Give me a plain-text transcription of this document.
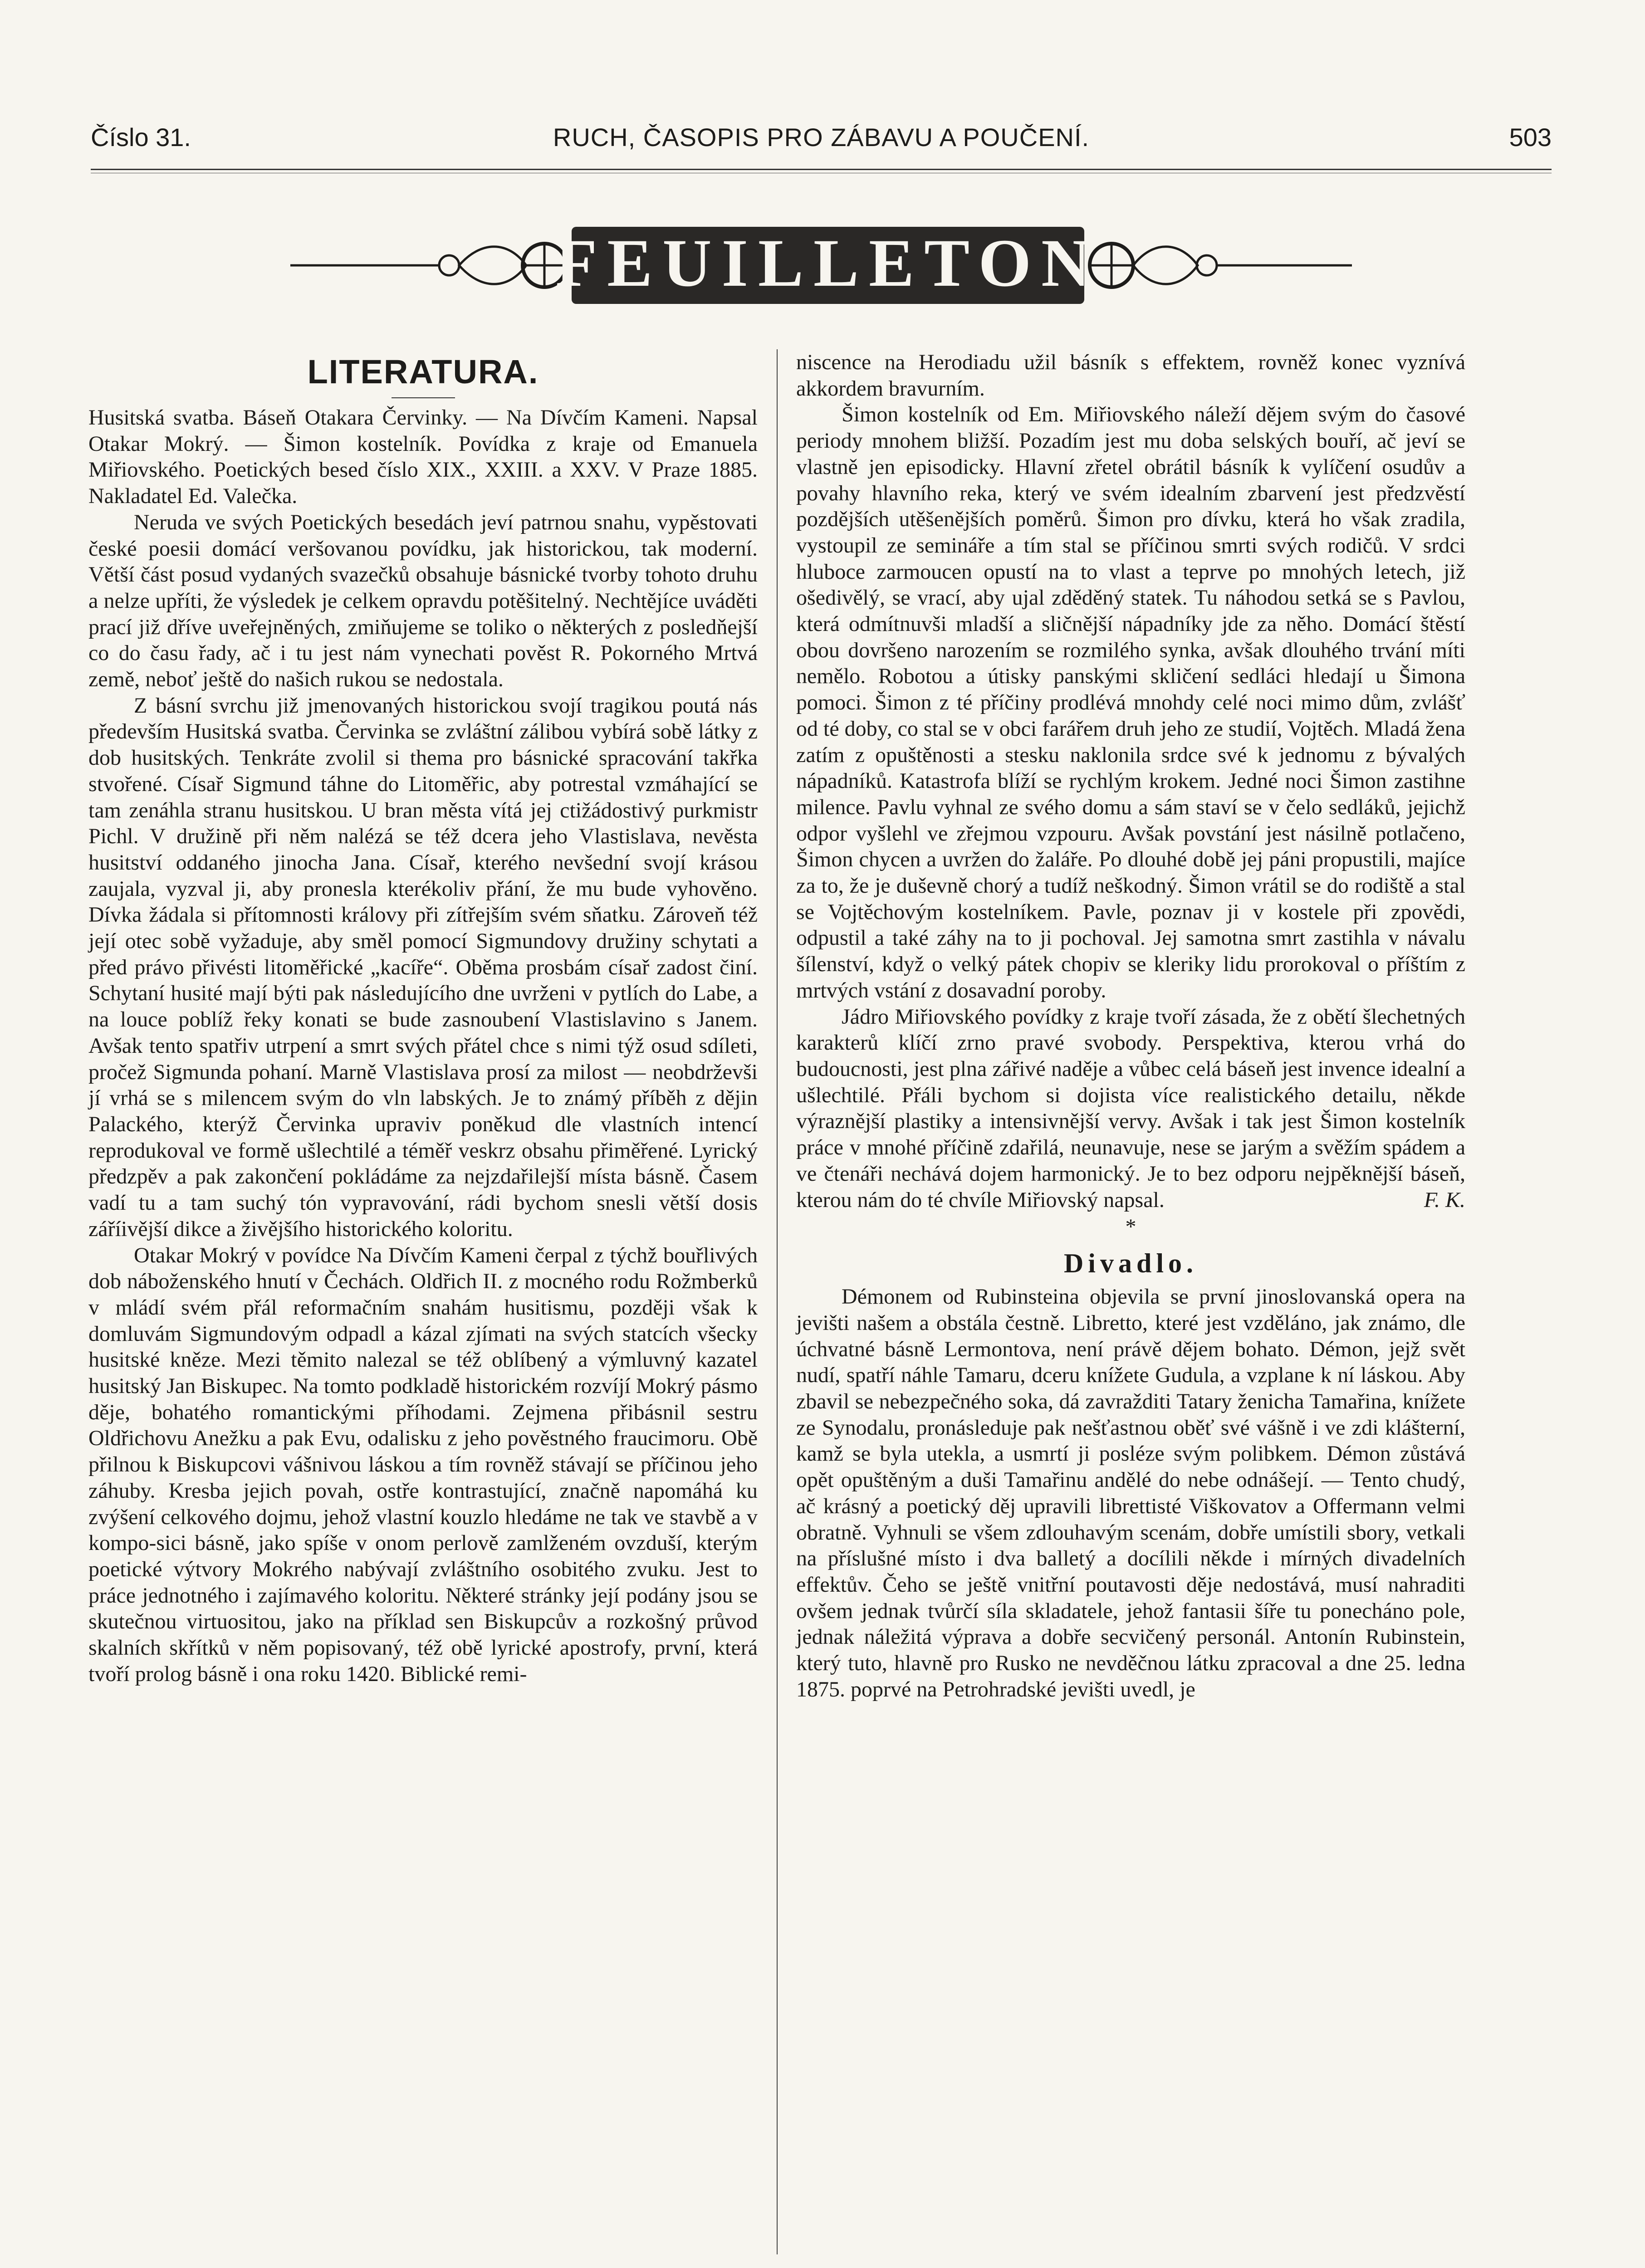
Číslo 31.	RUCH, ČASOPIS PRO ZÁBAVU A POUČENÍ.	503
FEUILLETON
LITERATURA.

Husitská svatba. Báseň Otakara Červinky. — Na Dívčím Kameni. Napsal Otakar Mokrý. — Šimon kostelník. Povídka z kraje od Emanuela Miřiovského. Poetických besed číslo XIX., XXIII. a XXV. V Praze 1885. Nakladatel Ed. Valečka.

Neruda ve svých Poetických besedách jeví patrnou snahu, vypěstovati české poesii domácí veršovanou povídku, jak historickou, tak moderní. Větší část posud vydaných svazečků obsahuje básnické tvorby tohoto druhu a nelze upříti, že výsledek je celkem opravdu potěšitelný. Nechtějíce uváděti prací již dříve uveřejněných, zmiňujeme se toliko o některých z posledňejší co do času řady, ač i tu jest nám vynechati pověst R. Pokorného Mrtvá země, neboť ještě do našich rukou se nedostala.

Z básní svrchu již jmenovaných historickou svojí tragikou poutá nás především Husitská svatba. Červinka se zvláštní zálibou vybírá sobě látky z dob husitských. Tenkráte zvolil si thema pro básnické spracování takřka stvořené. Císař Sigmund táhne do Litoměřic, aby potrestal vzmáhající se tam zenáhla stranu husitskou. U bran města vítá jej ctižádostivý purkmistr Pichl. V družině při něm nalézá se též dcera jeho Vlastislava, nevěsta husitství oddaného jinocha Jana. Císař, kterého nevšední svojí krásou zaujala, vyzval ji, aby pronesla kterékoliv přání, že mu bude vyhověno. Dívka žádala si přítomnosti královy při zítřejším svém sňatku. Zároveň též její otec sobě vyžaduje, aby směl pomocí Sigmundovy družiny schytati a před právo přivésti litoměřické „kacíře“. Oběma prosbám císař zadost činí. Schytaní husité mají býti pak následujícího dne uvrženi v pytlích do Labe, a na louce poblíž řeky konati se bude zasnoubení Vlastislavino s Janem. Avšak tento spatřiv utrpení a smrt svých přátel chce s nimi týž osud sdíleti, pročež Sigmunda pohaní. Marně Vlastislava prosí za milost — neobdrževši jí vrhá se s milencem svým do vln labských. Je to známý příběh z dějin Palackého, kterýž Červinka upraviv poněkud dle vlastních intencí reprodukoval ve formě ušlechtilé a téměř veskrz obsahu přiměřené. Lyrický předzpěv a pak zakončení pokládáme za nejzdařilejší místa básně. Časem vadí tu a tam suchý tón vypravování, rádi bychom snesli větší dosis záříivější dikce a živějšího historického koloritu.

Otakar Mokrý v povídce Na Dívčím Kameni čerpal z týchž bouřlivých dob náboženského hnutí v Čechách. Oldřich II. z mocného rodu Rožmberků v mládí svém přál reformačním snahám husitismu, později však k domluvám Sigmundovým odpadl a kázal zjímati na svých statcích všecky husitské kněze. Mezi těmito nalezal se též oblíbený a výmluvný kazatel husitský Jan Biskupec. Na tomto podkladě historickém rozvíjí Mokrý pásmo děje, bohatého romantickými příhodami. Zejmena přibásnil sestru Oldřichovu Anežku a pak Evu, odalisku z jeho pověstného fraucimoru. Obě přilnou k Biskupcovi vášnivou láskou a tím rovněž stávají se příčinou jeho záhuby. Kresba jejich povah, ostře kontrastující, značně napomáhá ku zvýšení celkového dojmu, jehož vlastní kouzlo hledáme ne tak ve stavbě a v kompo-sici básně, jako spíše v onom perlově zamlženém ovzduší, kterým poetické výtvory Mokrého nabývají zvláštního osobitého zvuku. Jest to práce jednotného i zajímavého koloritu. Některé stránky její podány jsou se skutečnou virtuositou, jako na příklad sen Biskupcův a rozkošný průvod skalních skřítků v něm popisovaný, též obě lyrické apostrofy, první, která tvoří prolog básně i ona roku 1420. Biblické remi-

niscence na Herodiadu užil básník s effektem, rovněž konec vyznívá akkordem bravurním.

Šimon kostelník od Em. Miřiovského náleží dějem svým do časové periody mnohem bližší. Pozadím jest mu doba selských bouří, ač jeví se vlastně jen episodicky. Hlavní zřetel obrátil básník k vylíčení osudův a povahy hlavního reka, který ve svém idealním zbarvení jest předzvěstí pozdějších utěšenějších poměrů. Šimon pro dívku, která ho však zradila, vystoupil ze semináře a tím stal se příčinou smrti svých rodičů. V srdci hluboce zarmoucen opustí na to vlast a teprve po mnohých letech, již ošedivělý, se vrací, aby ujal zděděný statek. Tu náhodou setká se s Pavlou, která odmítnuvši mladší a sličnější nápadníky jde za něho. Domácí štěstí obou dovršeno narozením se rozmilého synka, avšak dlouhého trvání míti nemělo. Robotou a útisky panskými skličení sedláci hledají u Šimona pomoci. Šimon z té příčiny prodlévá mnohdy celé noci mimo dům, zvlášť od té doby, co stal se v obci farářem druh jeho ze studií, Vojtěch. Mladá žena zatím z opuštěnosti a stesku naklonila srdce své k jednomu z bývalých nápadníků. Katastrofa blíží se rychlým krokem. Jedné noci Šimon zastihne milence. Pavlu vyhnal ze svého domu a sám staví se v čelo sedláků, jejichž odpor vyšlehl ve zřejmou vzpouru. Avšak povstání jest násilně potlačeno, Šimon chycen a uvržen do žaláře. Po dlouhé době jej páni propustili, majíce za to, že je duševně chorý a tudíž neškodný. Šimon vrátil se do rodiště a stal se Vojtěchovým kostelníkem. Pavle, poznav ji v kostele při zpovědi, odpustil a také záhy na to ji pochoval. Jej samotna smrt zastihla v návalu šílenství, když o velký pátek chopiv se kleriky lidu prorokoval o příštím z mrtvých vstání z dosavadní poroby.

Jádro Miřiovského povídky z kraje tvoří zásada, že z obětí šlechetných karakterů klíčí zrno pravé svobody. Perspektiva, kterou vrhá do budoucnosti, jest plna zářivé naděje a vůbec celá báseň jest invence idealní a ušlechtilé. Přáli bychom si dojista více realistického detailu, někde výraznější plastiky a intensivnější vervy. Avšak i tak jest Šimon kostelník práce v mnohé příčině zdařilá, neunavuje, nese se jarým a svěžím spádem a ve čtenáři nechává dojem harmonický. Je to bez odporu nejpěknější báseň, kterou nám do té chvíle Miřiovský napsal.	F. K.

*

Divadlo.

Démonem od Rubinsteina objevila se první jinoslovanská opera na jevišti našem a obstála čestně. Libretto, které jest vzděláno, jak známo, dle úchvatné básně Lermontova, není právě dějem bohato. Démon, jejž svět nudí, spatří náhle Tamaru, dceru knížete Gudula, a vzplane k ní láskou. Aby zbavil se nebezpečného soka, dá zavražditi Tatary ženicha Tamařina, knížete ze Synodalu, pronásleduje pak nešťastnou oběť své vášně i ve zdi klášterní, kamž se byla utekla, a usmrtí ji posléze svým polibkem. Démon zůstává opět opuštěným a duši Tamařinu andělé do nebe odnášejí. — Tento chudý, ač krásný a poetický děj upravili librettisté Viškovatov a Offermann velmi obratně. Vyhnuli se všem zdlouhavým scenám, dobře umístili sbory, vetkali na příslušné místo i dva balletý a docílili někde i mírných divadelních effektův. Čeho se ještě vnitřní poutavosti děje nedostává, musí nahraditi ovšem jednak tvůrčí síla skladatele, jehož fantasii šíře tu ponecháno pole, jednak náležitá výprava a dobře secvičený personál. Antonín Rubinstein, který tuto, hlavně pro Rusko ne nevděčnou látku zpracoval a dne 25. ledna 1875. poprvé na Petrohradské jevišti uvedl, je
